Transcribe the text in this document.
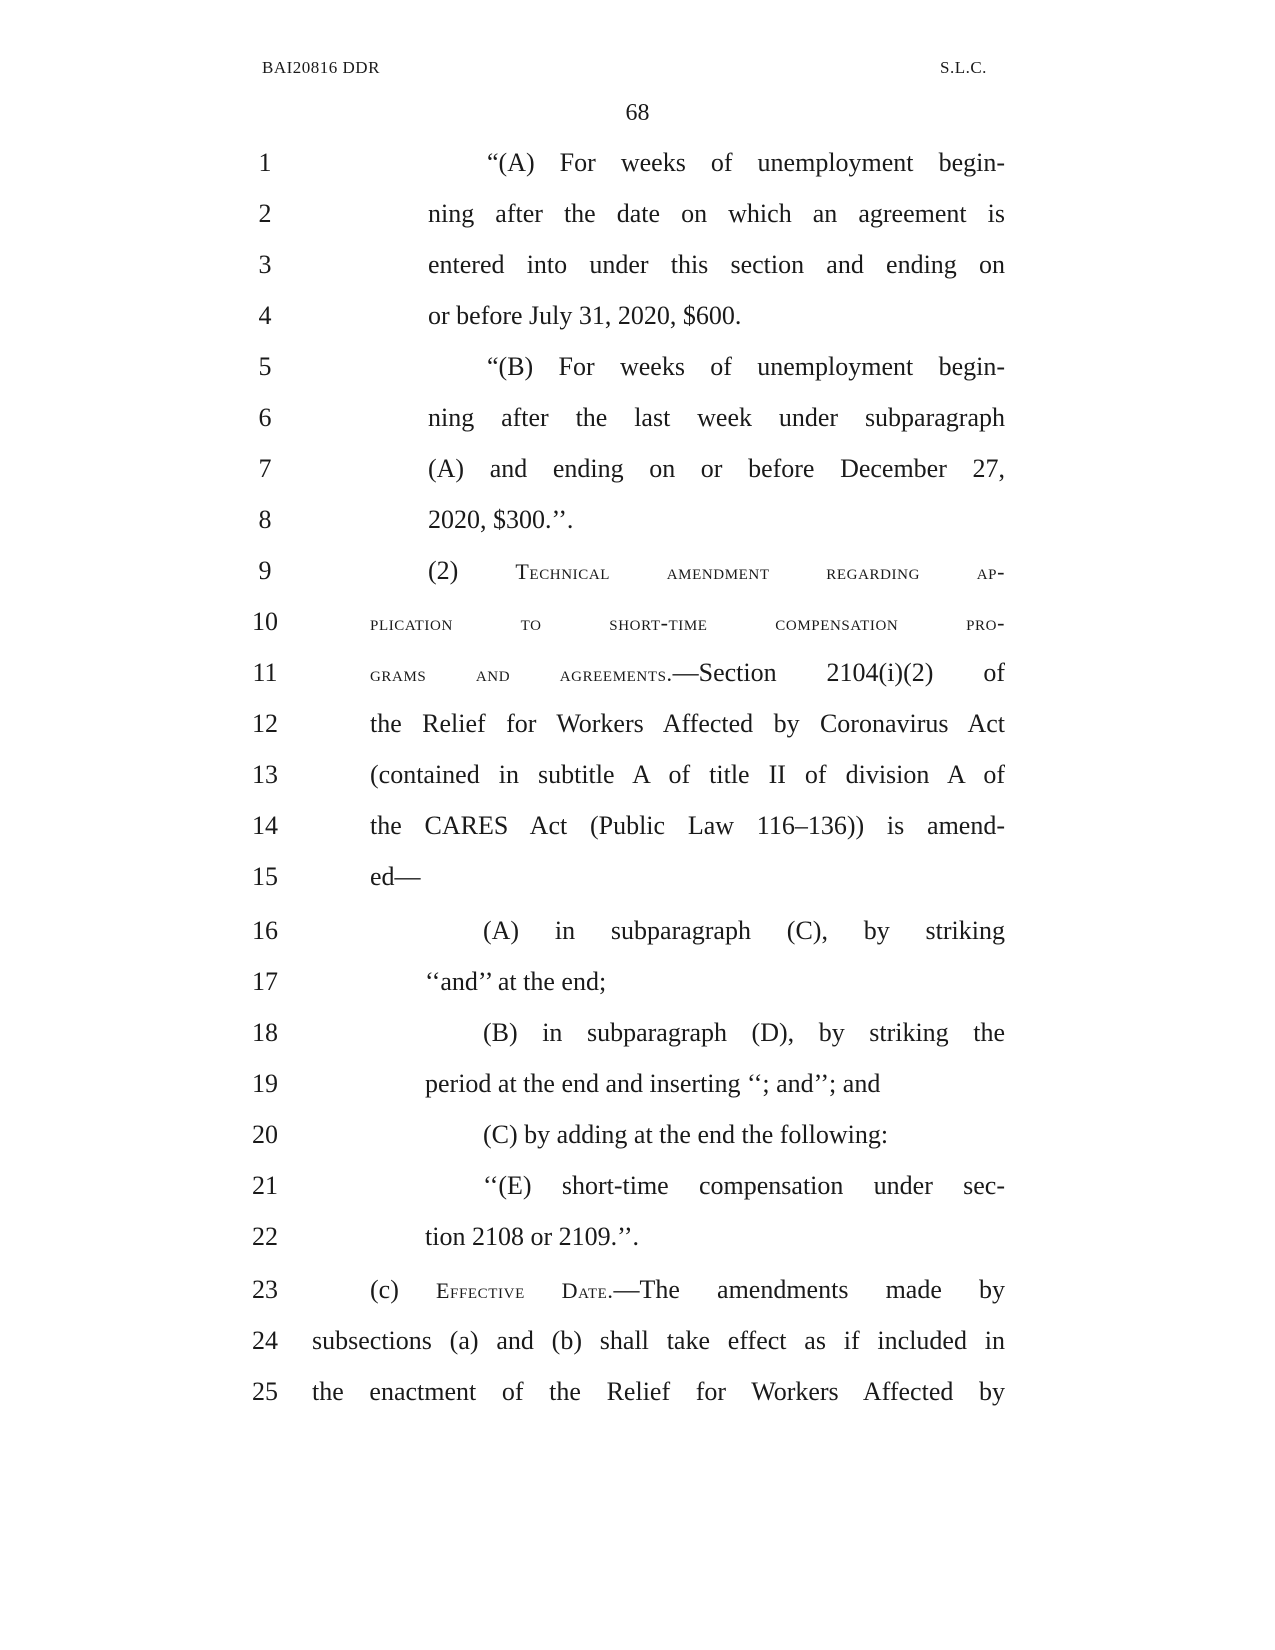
BAI20816 DDR	S.L.C.
68
1	“(A) For weeks of unemployment begin-
2	ning after the date on which an agreement is
3	entered into under this section and ending on
4	or before July 31, 2020, $600.
5	“(B) For weeks of unemployment begin-
6	ning after the last week under subparagraph
7	(A) and ending on or before December 27,
8	2020, $300.’’.
9	(2) Technical amendment regarding ap-
10	plication to short-time compensation pro-
11	grams and agreements.—Section 2104(i)(2) of
12	the Relief for Workers Affected by Coronavirus Act
13	(contained in subtitle A of title II of division A of
14	the CARES Act (Public Law 116–136)) is amend-
15	ed—
16	(A) in subparagraph (C), by striking
17	‘‘and’’ at the end;
18	(B) in subparagraph (D), by striking the
19	period at the end and inserting ‘‘; and’’; and
20	(C) by adding at the end the following:
21	‘‘(E) short-time compensation under sec-
22	tion 2108 or 2109.’’.
23	(c) Effective Date.—The amendments made by
24	subsections (a) and (b) shall take effect as if included in
25	the enactment of the Relief for Workers Affected by
